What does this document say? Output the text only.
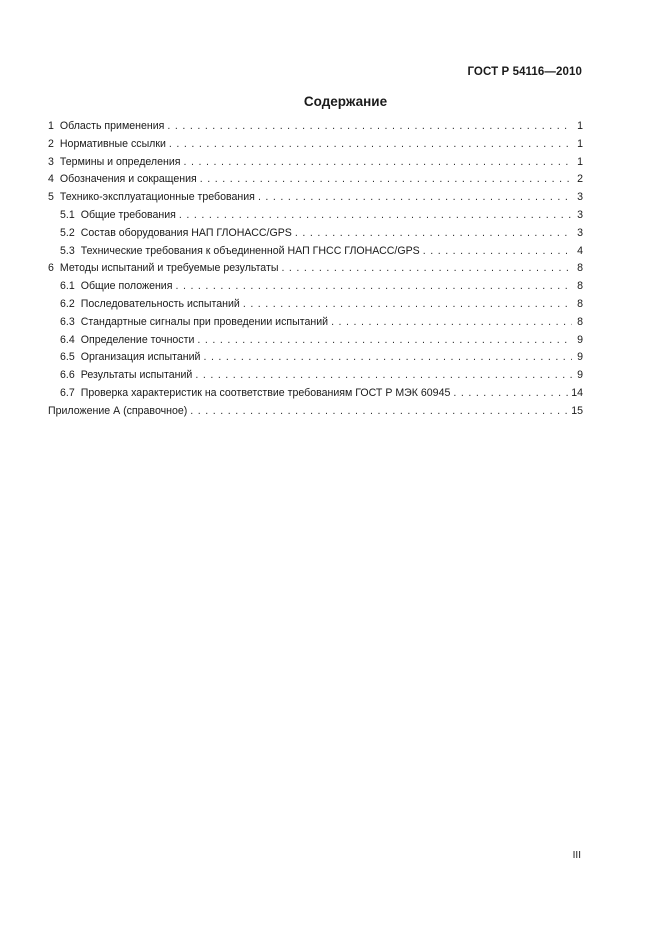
ГОСТ Р 54116—2010
Содержание
1 Область применения . . .	1
2 Нормативные ссылки . . .	1
3 Термины и определения . . .	1
4 Обозначения и сокращения . . .	2
5 Технико-эксплуатационные требования . . .	3
5.1 Общие требования . . .	3
5.2 Состав оборудования НАП ГЛОНАСС/GPS . . .	3
5.3 Технические требования к объединенной НАП ГНСС ГЛОНАСС/GPS . . .	4
6 Методы испытаний и требуемые результаты . . .	8
6.1 Общие положения . . .	8
6.2 Последовательность испытаний . . .	8
6.3 Стандартные сигналы при проведении испытаний . . .	8
6.4 Определение точности . . .	9
6.5 Организация испытаний . . .	9
6.6 Результаты испытаний . . .	9
6.7 Проверка характеристик на соответствие требованиям ГОСТ Р МЭК 60945 . . .	14
Приложение А (справочное) . . .	15
III
